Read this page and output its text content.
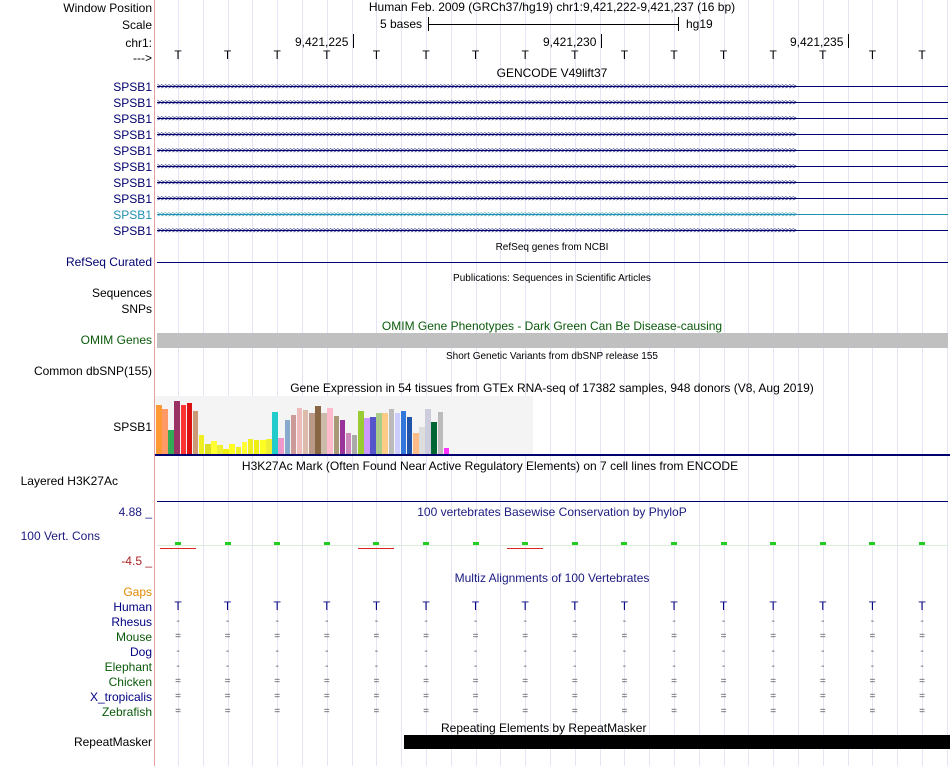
Window Position
Scale
chr1:
--->
SPSB1
SPSB1
SPSB1
SPSB1
SPSB1
SPSB1
SPSB1
SPSB1
SPSB1
SPSB1
RefSeq Curated
Sequences
SNPs
OMIM Genes
Common dbSNP(155)
SPSB1
Layered H3K27Ac
4.88 _
100 Vert. Cons
-4.5 _
Gaps
Human
Rhesus
Mouse
Dog
Elephant
Chicken
X_tropicalis
Zebrafish
RepeatMasker
Human Feb. 2009 (GRCh37/hg19) chr1:9,421,222-9,421,237 (16 bp)
5 bases	hg19
9,421,225	9,421,230	9,421,235
T	T	T	T	T	T	T	T	T	T	T	T	T	T	T	T
GENCODE V49lift37
RefSeq genes from NCBI
Publications: Sequences in Scientific Articles
OMIM Gene Phenotypes - Dark Green Can Be Disease-causing
Short Genetic Variants from dbSNP release 155
Gene Expression in 54 tissues from GTEx RNA-seq of 17382 samples, 948 donors (V8, Aug 2019)
H3K27Ac Mark (Often Found Near Active Regulatory Elements) on 7 cell lines from ENCODE
100 vertebrates Basewise Conservation by PhyloP
Multiz Alignments of 100 Vertebrates
T	T	T	T	T	T	T	T	T	T	T	T	T	T	T	T
-	-	-	-	-	-	-	-	-	-	-	-	-	-	-	-
=	=	=	=	=	=	=	=	=	=	=	=	=	=	=	=
-	-	-	-	-	-	-	-	-	-	-	-	-	-	-	-
-	-	-	-	-	-	-	-	-	-	-	-	-	-	-	-
=	=	=	=	=	=	=	=	=	=	=	=	=	=	=	=
=	=	=	=	=	=	=	=	=	=	=	=	=	=	=	=
=	=	=	=	=	=	=	=	=	=	=	=	=	=	=	=
Repeating Elements by RepeatMasker
